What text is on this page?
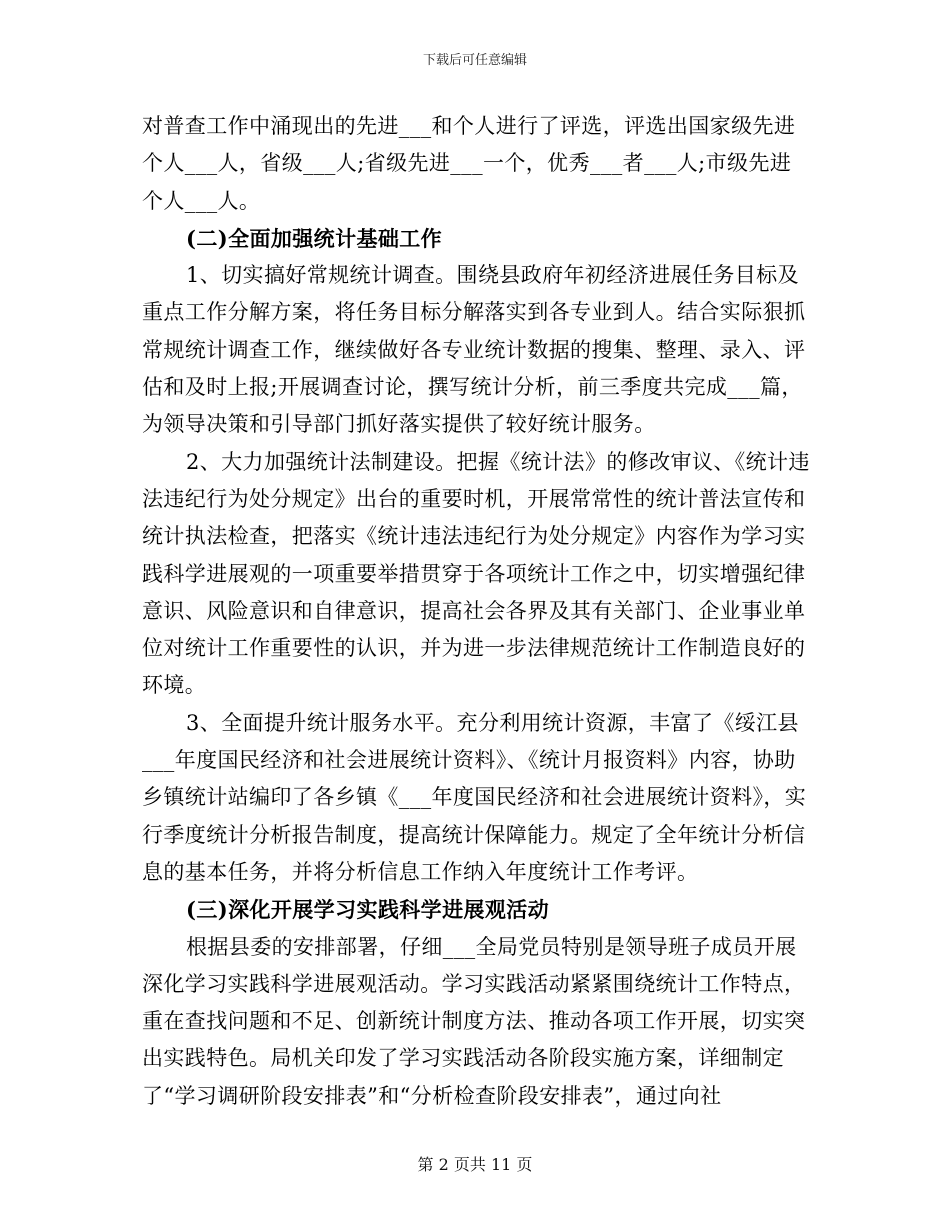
下载后可任意编辑

对普查工作中涌现出的先进___和个人进行了评选，评选出国家级先进个人___人，省级___人;省级先进___一个，优秀___者___人;市级先进个人___人。

(二)全面加强统计基础工作

1、切实搞好常规统计调查。围绕县政府年初经济进展任务目标及重点工作分解方案，将任务目标分解落实到各专业到人。结合实际狠抓常规统计调查工作，继续做好各专业统计数据的搜集、整理、录入、评估和及时上报;开展调查讨论，撰写统计分析，前三季度共完成___篇，为领导决策和引导部门抓好落实提供了较好统计服务。

2、大力加强统计法制建设。把握《统计法》的修改审议、《统计违法违纪行为处分规定》出台的重要时机，开展常常性的统计普法宣传和统计执法检查，把落实《统计违法违纪行为处分规定》内容作为学习实践科学进展观的一项重要举措贯穿于各项统计工作之中，切实增强纪律意识、风险意识和自律意识，提高社会各界及其有关部门、企业事业单位对统计工作重要性的认识，并为进一步法律规范统计工作制造良好的环境。

3、全面提升统计服务水平。充分利用统计资源，丰富了《绥江县___年度国民经济和社会进展统计资料》、《统计月报资料》内容，协助乡镇统计站编印了各乡镇《___年度国民经济和社会进展统计资料》，实行季度统计分析报告制度，提高统计保障能力。规定了全年统计分析信息的基本任务，并将分析信息工作纳入年度统计工作考评。

(三)深化开展学习实践科学进展观活动

根据县委的安排部署，仔细___全局党员特别是领导班子成员开展深化学习实践科学进展观活动。学习实践活动紧紧围绕统计工作特点，重在查找问题和不足、创新统计制度方法、推动各项工作开展，切实突出实践特色。局机关印发了学习实践活动各阶段实施方案，详细制定了“学习调研阶段安排表”和“分析检查阶段安排表”，通过向社

第 2 页共 11 页
